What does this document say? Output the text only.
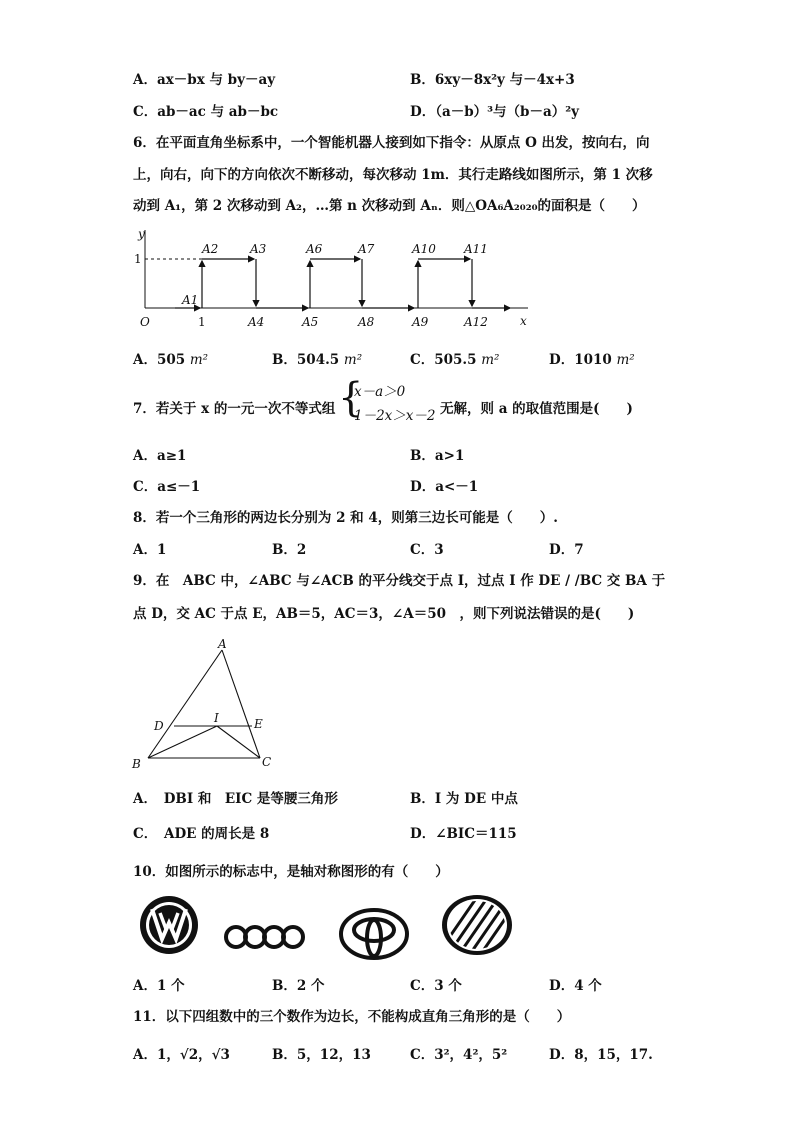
A．ax－bx 与 by－ay	B．6xy－8x²y 与－4x+3
C．ab－ac 与 ab－bc	D．（a－b）³与（b－a）²y
6．在平面直角坐标系中，一个智能机器人接到如下指令：从原点 O 出发，按向右，向
上，向右，向下的方向依次不断移动，每次移动 1m．其行走路线如图所示，第 1 次移
动到 A₁，第 2 次移动到 A₂，…第 n 次移动到 Aₙ．则△OA₆A₂₀₂₀的面积是（　　）
y
x
O
1
1
A1
A2	A3
A4	A5
A6	A7
A8	A9
A10 A11
A12
A．505 m²	B．504.5 m²	C．505.5 m²	D．1010 m²
7．若关于 x 的一元一次不等式组 {
x－a＞0
1－2x＞x－2 无解，则 a 的取值范围是(　　)
A．a≥1	B．a>1
C．a≤－1	D．a<－1
8．若一个三角形的两边长分别为 2 和 4，则第三边长可能是（　　）.
A．1	B．2	C．3	D．7
9．在　ABC 中，∠ABC 与∠ACB 的平分线交于点 I，过点 I 作 DE / /BC 交 BA 于
点 D，交 AC 于点 E，AB＝5，AC＝3，∠A＝50　，则下列说法错误的是(　　)
A
B	C
D	E
I
A．　DBI 和　EIC 是等腰三角形	B．I 为 DE 中点
C．　ADE 的周长是 8	D．∠BIC＝115
10．如图所示的标志中，是轴对称图形的有（　　）
A．1 个	B．2 个	C．3 个	D．4 个
11．以下四组数中的三个数作为边长，不能构成直角三角形的是（　　）
A．1，√2，√3	B．5，12，13	C．3²，4²，5²	D．8，15，17.
